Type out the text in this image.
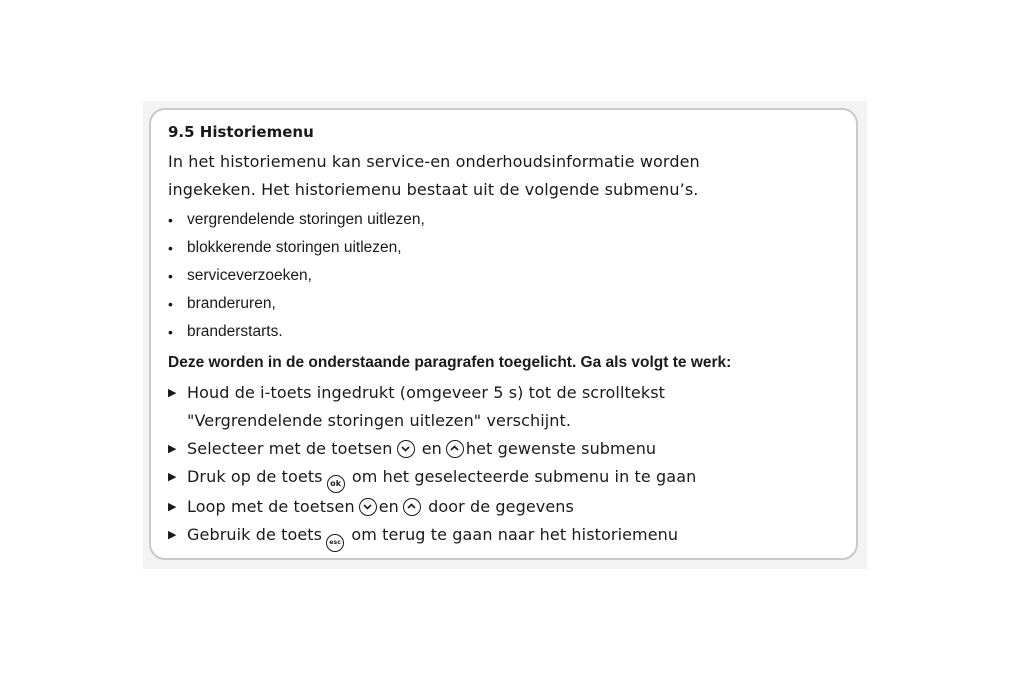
9.5 Historiemenu

In het historiemenu kan service-en onderhoudsinformatie worden
ingekeken. Het historiemenu bestaat uit de volgende submenu’s.

• vergrendelende storingen uitlezen,
• blokkerende storingen uitlezen,
• serviceverzoeken,
• branderuren,
• branderstarts.

Deze worden in de onderstaande paragrafen toegelicht. Ga als volgt te werk:

▶ Houd de i-toets ingedrukt (omgeveer 5 s) tot de scrolltekst
"Vergrendelende storingen uitlezen" verschijnt.
▶ Selecteer met de toetsen en het gewenste submenu
▶ Druk op de toets ok om het geselecteerde submenu in te gaan
▶ Loop met de toetsen en door de gegevens
▶ Gebruik de toets esc om terug te gaan naar het historiemenu
